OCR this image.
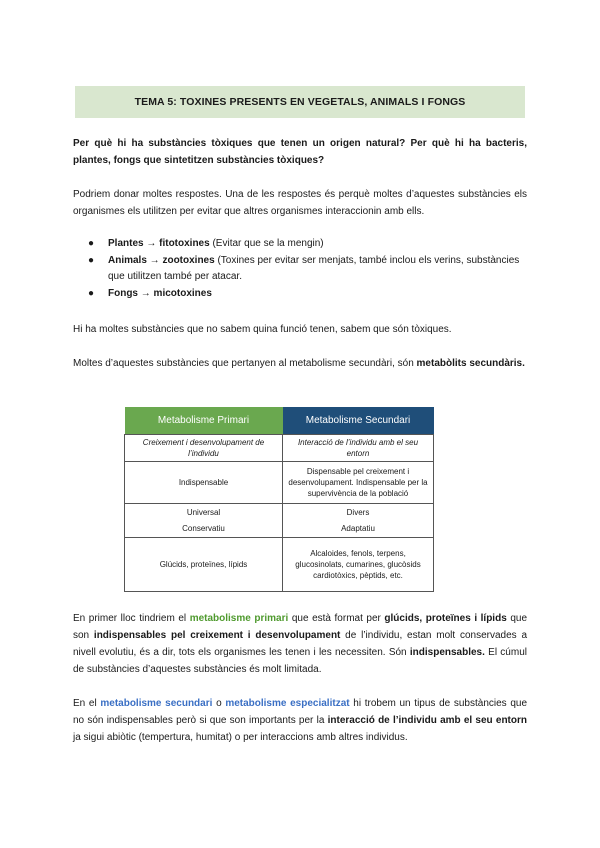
TEMA 5: TOXINES PRESENTS EN VEGETALS, ANIMALS I FONGS

Per què hi ha substàncies tòxiques que tenen un origen natural? Per què hi ha bacteris, plantes, fongs que sintetitzen substàncies tòxiques?

Podriem donar moltes respostes. Una de les respostes és perquè moltes d’aquestes substàncies els organismes els utilitzen per evitar que altres organismes interaccionin amb ells.

● Plantes → fitotoxines (Evitar que se la mengin)
● Animals → zootoxines (Toxines per evitar ser menjats, també inclou els verins, substàncies que utilitzen també per atacar.
● Fongs → micotoxines

Hi ha moltes substàncies que no sabem quina funció tenen, sabem que són tòxiques.

Moltes d’aquestes substàncies que pertanyen al metabolisme secundàri, són metabòlits secundàris.

Metabolisme Primari	Metabolisme Secundari
Creixement i desenvolupament de l’individu	Interacció de l’individu amb el seu entorn
Indispensable	Dispensable pel creixement i desenvolupament. Indispensable per la supervivència de la població
Universal	Divers
Conservatiu	Adaptatiu
Glúcids, proteïnes, lípids	Alcaloides, fenols, terpens, glucosinolats, cumarines, glucòsids cardiotòxics, pèptids, etc.

En primer lloc tindriem el metabolisme primari que està format per glúcids, proteïnes i lípids que son indispensables pel creixement i desenvolupament de l’individu, estan molt conservades a nivell evolutiu, és a dir, tots els organismes les tenen i les necessiten. Són indispensables. El cúmul de substàncies d’aquestes substàncies és molt limitada.

En el metabolisme secundari o metabolisme especialitzat hi trobem un tipus de substàncies que no són indispensables però si que son importants per la interacció de l’individu amb el seu entorn ja sigui abiòtic (tempertura, humitat) o per interaccions amb altres individus.
